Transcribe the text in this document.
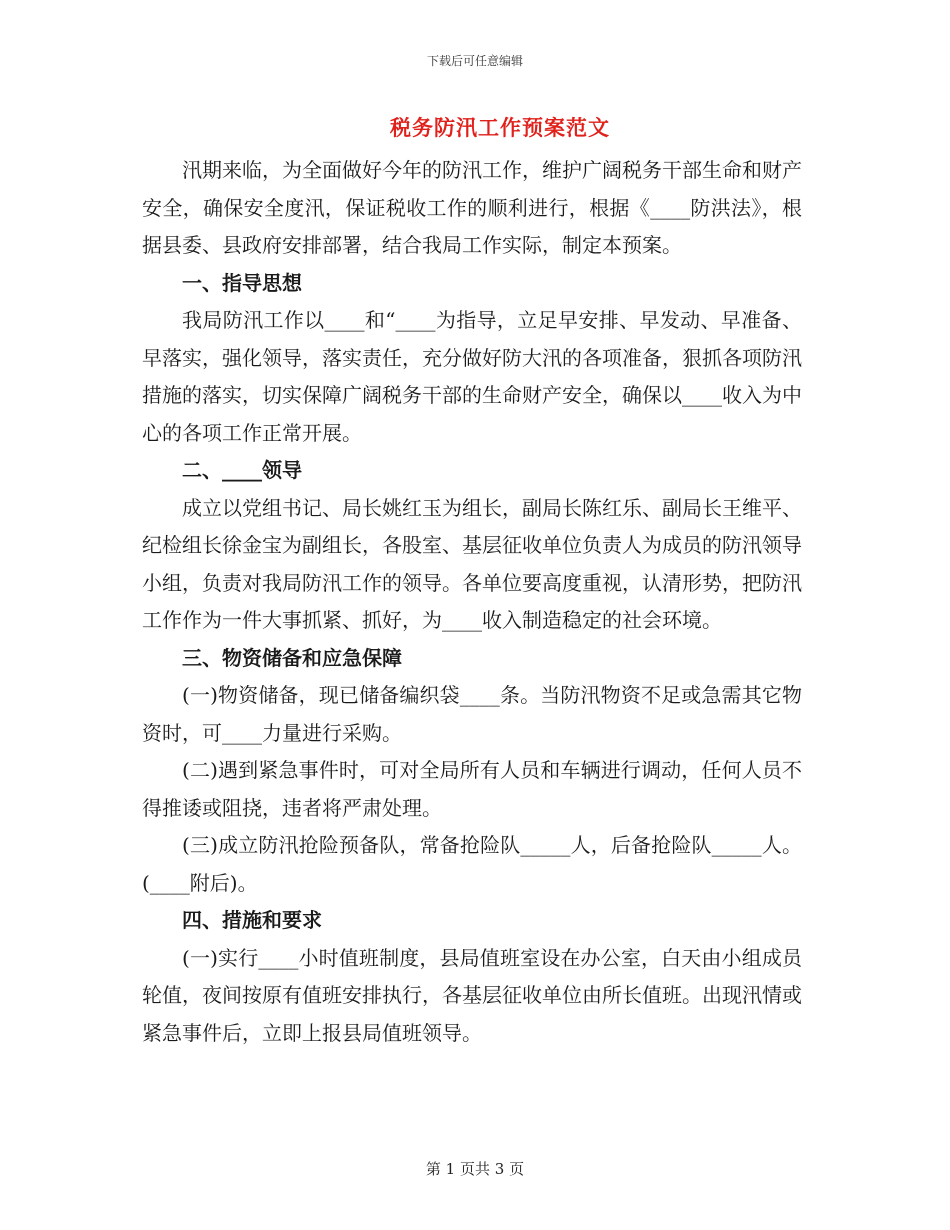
下载后可任意编辑
税务防汛工作预案范文

汛期来临，为全面做好今年的防汛工作，维护广阔税务干部生命和财产安全，确保安全度汛，保证税收工作的顺利进行，根据《____防洪法》，根据县委、县政府安排部署，结合我局工作实际，制定本预案。

一、指导思想

我局防汛工作以____和“____为指导，立足早安排、早发动、早准备、早落实，强化领导，落实责任，充分做好防大汛的各项准备，狠抓各项防汛措施的落实，切实保障广阔税务干部的生命财产安全，确保以____收入为中心的各项工作正常开展。

二、____领导

成立以党组书记、局长姚红玉为组长，副局长陈红乐、副局长王维平、纪检组长徐金宝为副组长，各股室、基层征收单位负责人为成员的防汛领导小组，负责对我局防汛工作的领导。各单位要高度重视，认清形势，把防汛工作作为一件大事抓紧、抓好，为____收入制造稳定的社会环境。

三、物资储备和应急保障

(一)物资储备，现已储备编织袋____条。当防汛物资不足或急需其它物资时，可____力量进行采购。

(二)遇到紧急事件时，可对全局所有人员和车辆进行调动，任何人员不得推诿或阻挠，违者将严肃处理。

(三)成立防汛抢险预备队，常备抢险队_____人，后备抢险队_____人。(____附后)。

四、措施和要求

(一)实行____小时值班制度，县局值班室设在办公室，白天由小组成员轮值，夜间按原有值班安排执行，各基层征收单位由所长值班。出现汛情或紧急事件后，立即上报县局值班领导。

第 1 页共 3 页
